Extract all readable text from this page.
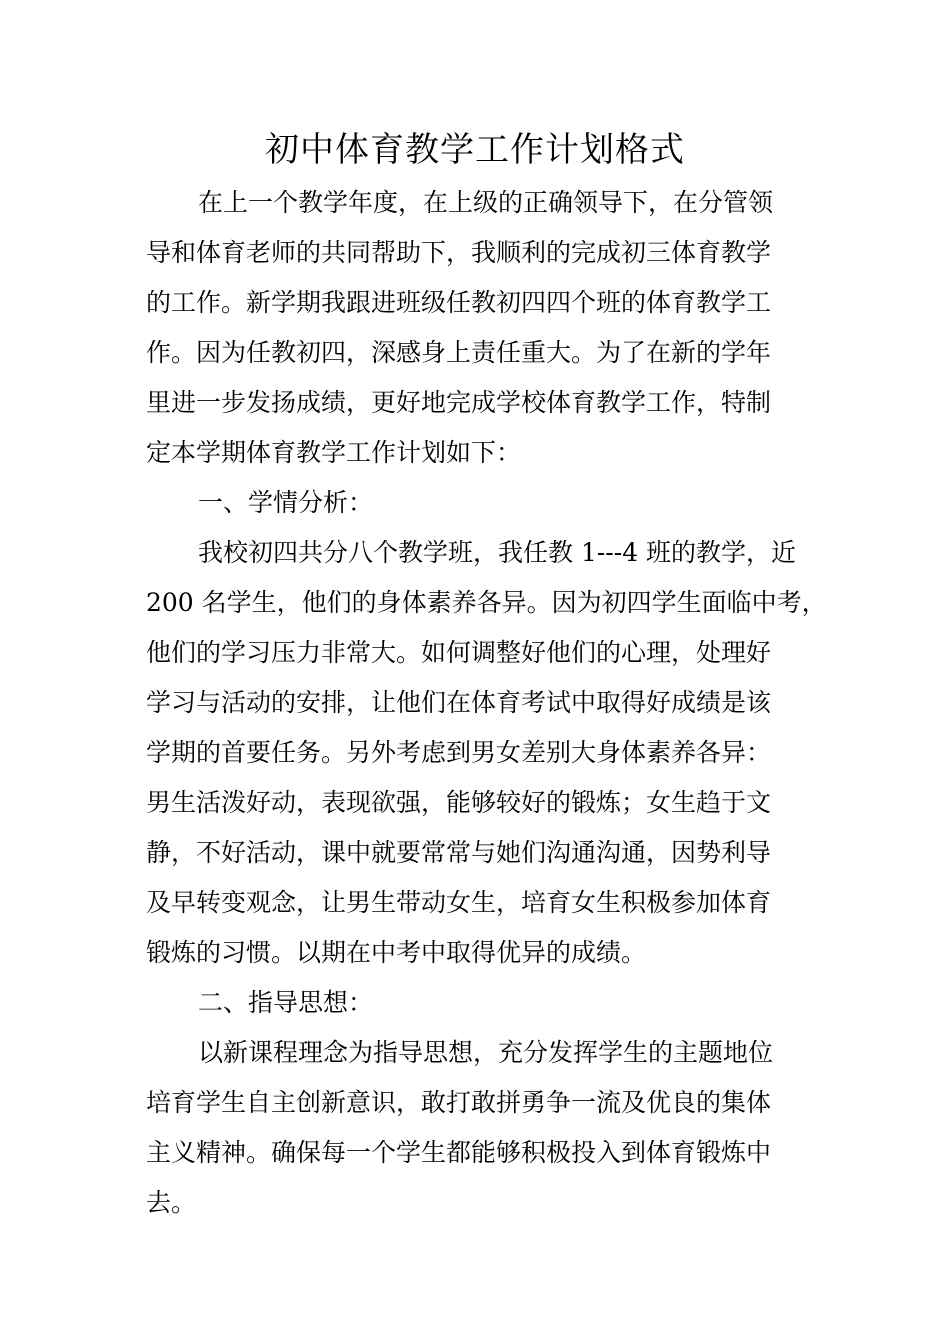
初中体育教学工作计划格式
在上一个教学年度，在上级的正确领导下，在分管领
导和体育老师的共同帮助下，我顺利的完成初三体育教学
的工作。新学期我跟进班级任教初四四个班的体育教学工
作。因为任教初四，深感身上责任重大。为了在新的学年
里进一步发扬成绩，更好地完成学校体育教学工作，特制
定本学期体育教学工作计划如下：
一、学情分析：
我校初四共分八个教学班，我任教 1---4 班的教学，近
200 名学生，他们的身体素养各异。因为初四学生面临中考，
他们的学习压力非常大。如何调整好他们的心理，处理好
学习与活动的安排，让他们在体育考试中取得好成绩是该
学期的首要任务。另外考虑到男女差别大身体素养各异：
男生活泼好动，表现欲强，能够较好的锻炼；女生趋于文
静，不好活动，课中就要常常与她们沟通沟通，因势利导
及早转变观念，让男生带动女生，培育女生积极参加体育
锻炼的习惯。以期在中考中取得优异的成绩。
二、指导思想：
以新课程理念为指导思想，充分发挥学生的主题地位
培育学生自主创新意识，敢打敢拼勇争一流及优良的集体
主义精神。确保每一个学生都能够积极投入到体育锻炼中
去。
